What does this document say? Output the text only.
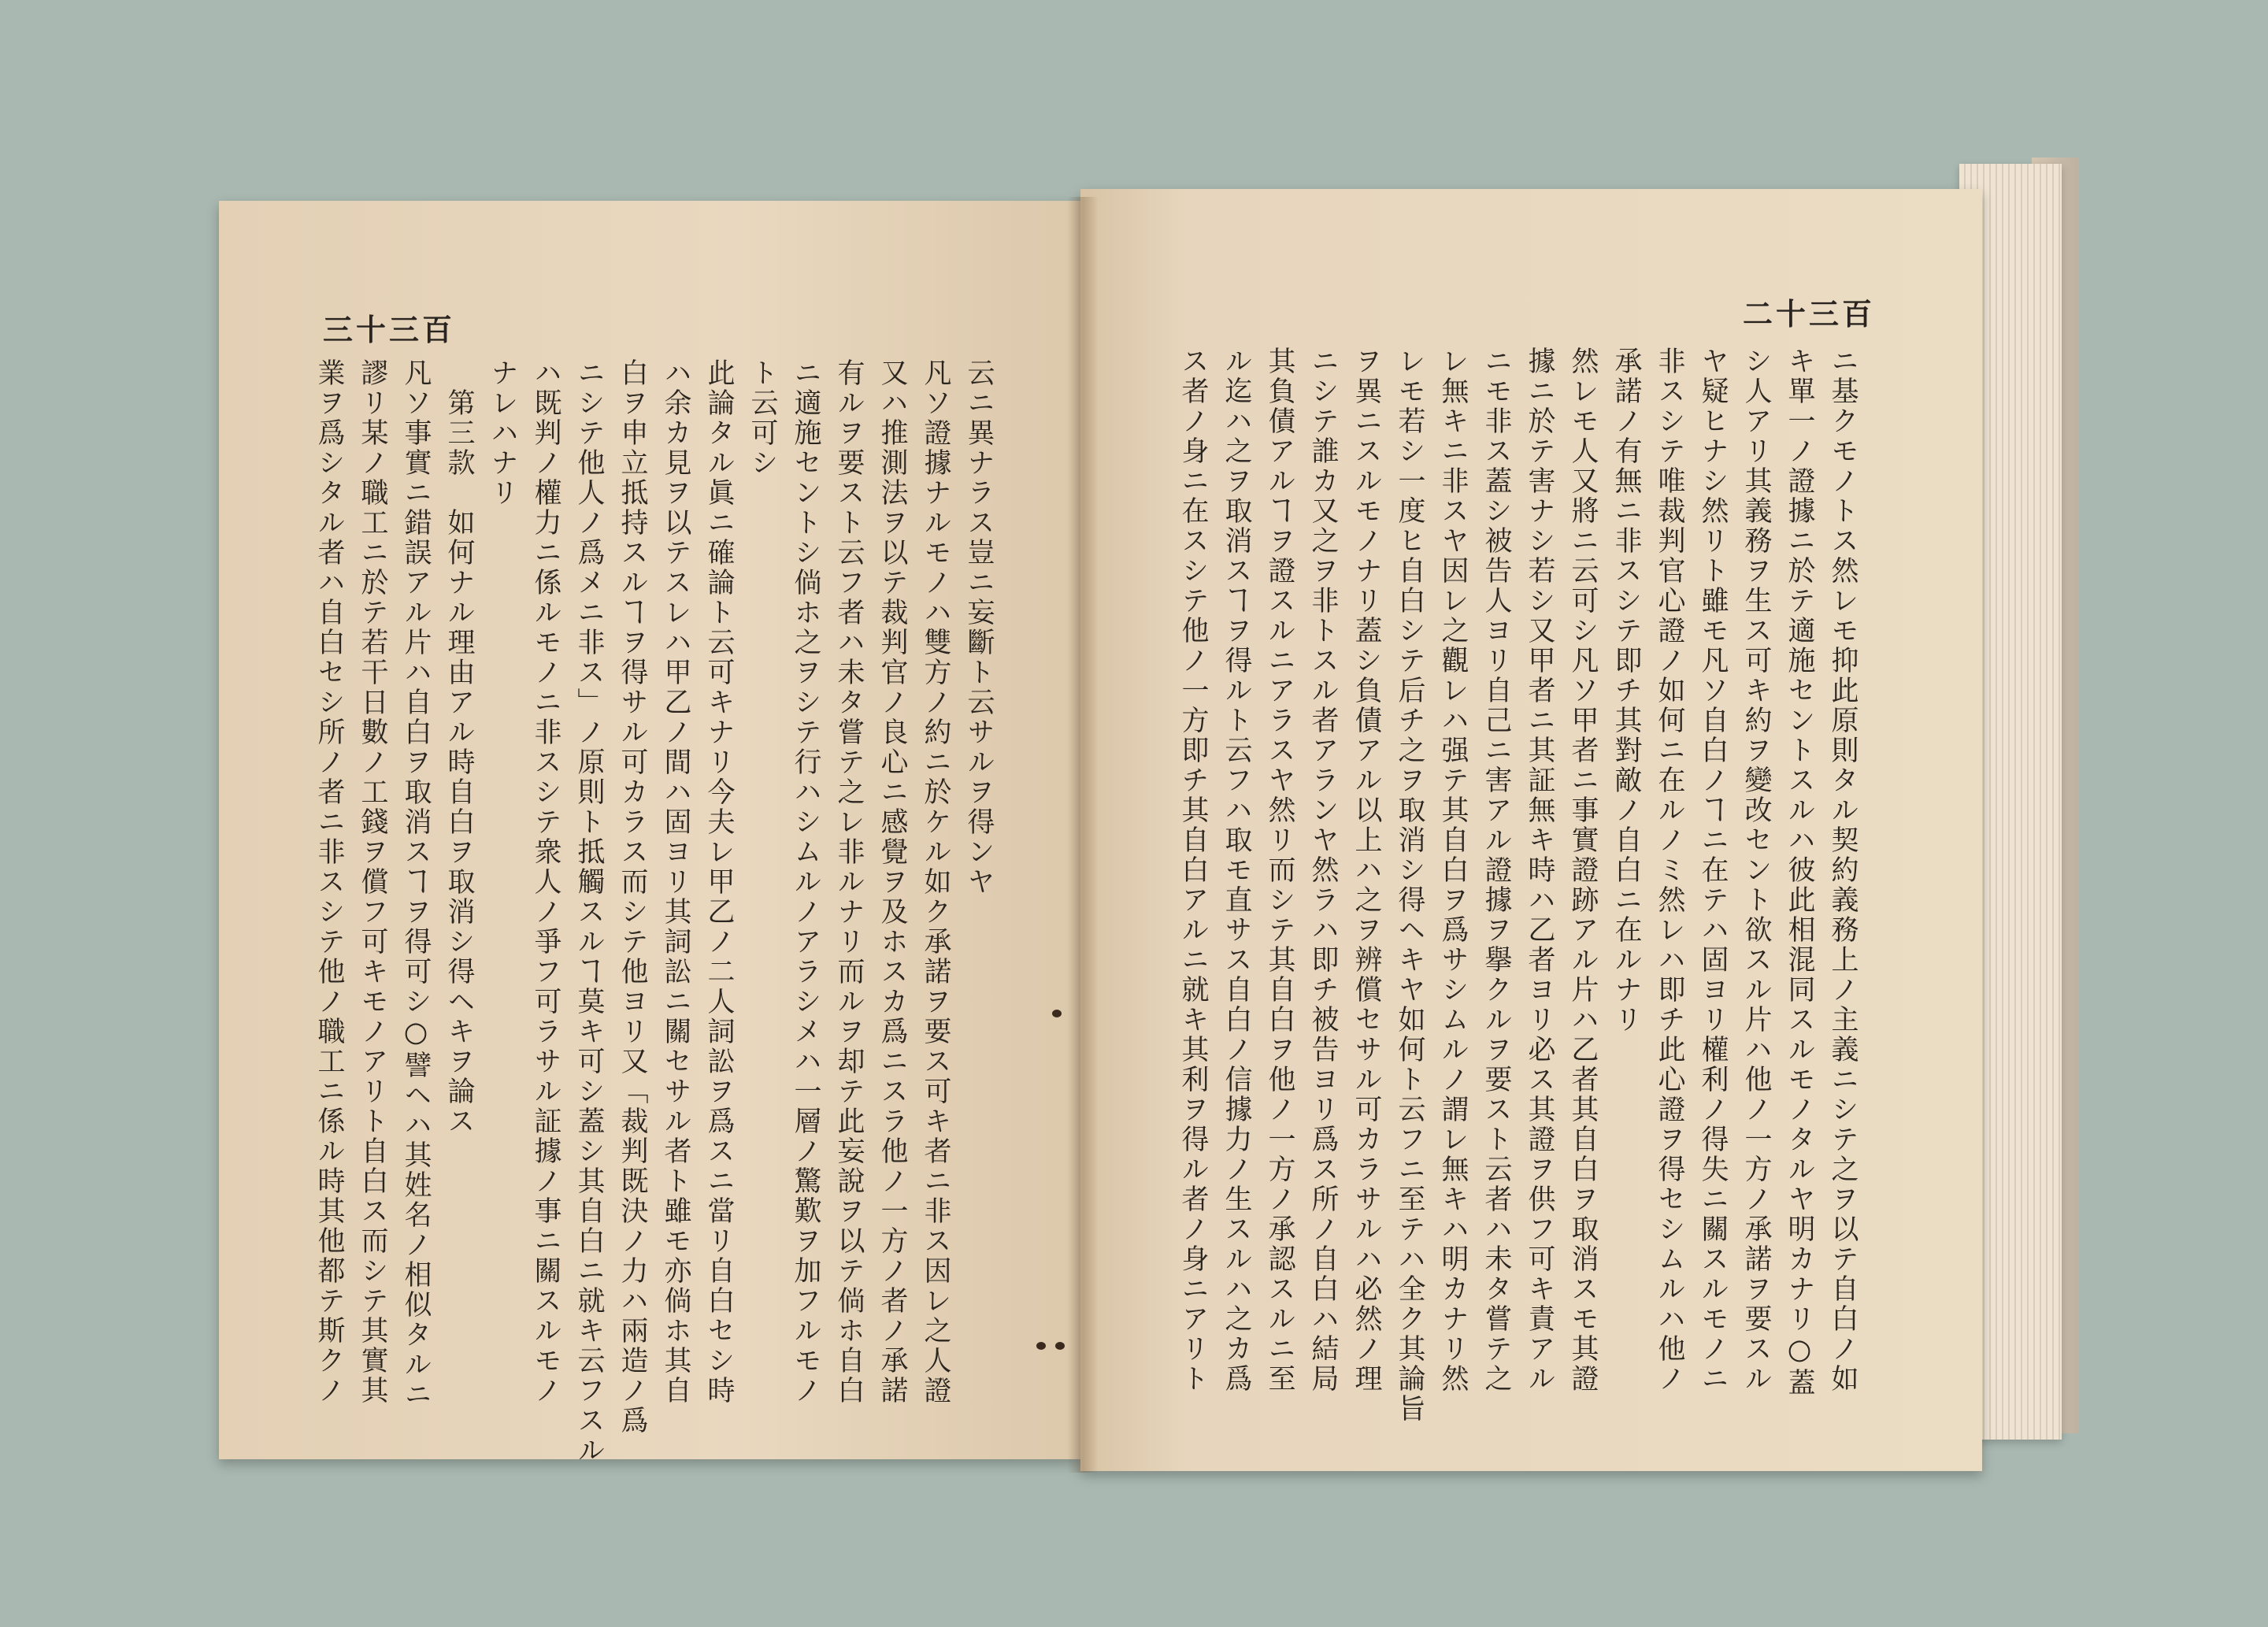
三十三百	二十三百
云ニ異ナラス豈ニ妄斷ト云サルヲ得ンヤ
凡ソ證據ナルモノハ雙方ノ約ニ於ケル如ク承諾ヲ要ス可キ者ニ非ス因レ之人證
又ハ推測法ヲ以テ裁判官ノ良心ニ感覺ヲ及ホスカ爲ニスラ他ノ一方ノ者ノ承諾
有ルヲ要スト云フ者ハ未タ嘗テ之レ非ルナリ而ルヲ却テ此妄說ヲ以テ倘ホ自白
ニ適施セントシ倘ホ之ヲシテ行ハシムルノアラシメハ一層ノ驚歎ヲ加フルモノ
ト云可シ
此論タル眞ニ確論ト云可キナリ今夫レ甲乙ノ二人詞訟ヲ爲スニ當リ自白セシ時
ハ余カ見ヲ以テスレハ甲乙ノ間ハ固ヨリ其詞訟ニ關セサル者ト雖モ亦倘ホ其自
白ヲ申立抵持スルヿヲ得サル可カラス而シテ他ヨリ又「裁判既決ノ力ハ兩造ノ爲
ニシテ他人ノ爲メニ非ス」ノ原則ト抵觸スルヿ莫キ可シ蓋シ其自白ニ就キ云フスル
ハ既判ノ權力ニ係ルモノニ非スシテ衆人ノ爭フ可ラサル証據ノ事ニ關スルモノ
ナレハナリ
　第三款　如何ナル理由アル時自白ヲ取消シ得ヘキヲ論ス
凡ソ事實ニ錯誤アル片ハ自白ヲ取消スヿヲ得可シ○譬ヘハ其姓名ノ相似タルニ
謬リ某ノ職工ニ於テ若干日數ノ工錢ヲ償フ可キモノアリト自白ス而シテ其實其
業ヲ爲シタル者ハ自白セシ所ノ者ニ非スシテ他ノ職工ニ係ル時其他都テ斯クノ	ニ基クモノトス然レモ抑此原則タル契約義務上ノ主義ニシテ之ヲ以テ自白ノ如
キ單一ノ證據ニ於テ適施セントスルハ彼此相混同スルモノタルヤ明カナリ○蓋
シ人アリ其義務ヲ生ス可キ約ヲ變改セント欲スル片ハ他ノ一方ノ承諾ヲ要スル
ヤ疑ヒナシ然リト雖モ凡ソ自白ノヿニ在テハ固ヨリ權利ノ得失ニ關スルモノニ
非スシテ唯裁判官心證ノ如何ニ在ルノミ然レハ即チ此心證ヲ得セシムルハ他ノ
承諾ノ有無ニ非スシテ即チ其對敵ノ自白ニ在ルナリ
然レモ人又將ニ云可シ凡ソ甲者ニ事實證跡アル片ハ乙者其自白ヲ取消スモ其證
據ニ於テ害ナシ若シ又甲者ニ其証無キ時ハ乙者ヨリ必ス其證ヲ供フ可キ責アル
ニモ非ス蓋シ被告人ヨリ自己ニ害アル證據ヲ擧クルヲ要スト云者ハ未タ嘗テ之
レ無キニ非スヤ因レ之觀レハ强テ其自白ヲ爲サシムルノ謂レ無キハ明カナリ然
レモ若シ一度ヒ自白シテ后チ之ヲ取消シ得ヘキヤ如何ト云フニ至テハ全ク其論旨
ヲ異ニスルモノナリ蓋シ負債アル以上ハ之ヲ辨償セサル可カラサルハ必然ノ理
ニシテ誰カ又之ヲ非トスル者アランヤ然ラハ即チ被告ヨリ爲ス所ノ自白ハ結局
其負債アルヿヲ證スルニアラスヤ然リ而シテ其自白ヲ他ノ一方ノ承認スルニ至
ル迄ハ之ヲ取消スヿヲ得ルト云フハ取モ直サス自白ノ信據力ノ生スルハ之カ爲
ス者ノ身ニ在スシテ他ノ一方即チ其自白アルニ就キ其利ヲ得ル者ノ身ニアリト
